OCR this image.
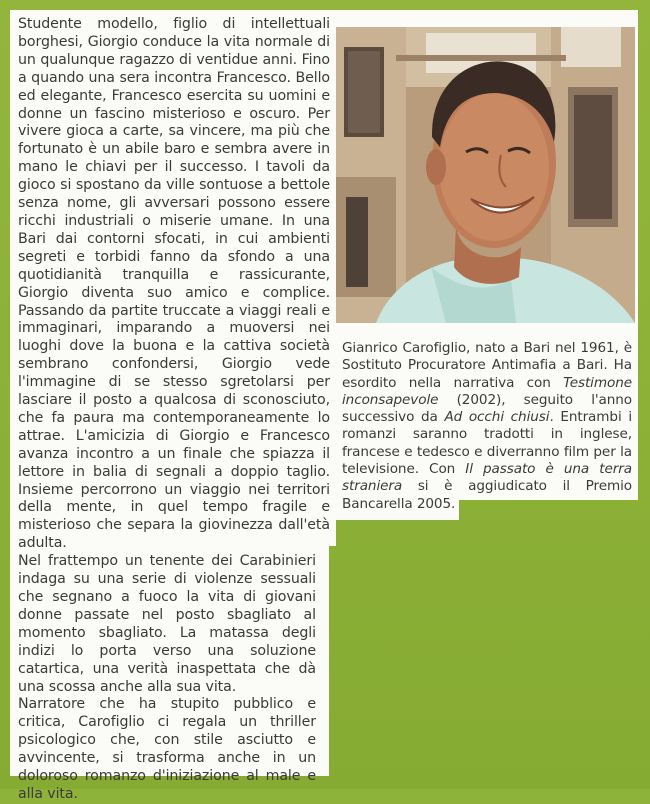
Studente modello, figlio di intellettuali borghesi, Giorgio conduce la vita normale di un qualunque ragazzo di ventidue anni. Fino a quando una sera incontra Francesco. Bello ed elegante, Francesco esercita su uomini e donne un fascino misterioso e oscuro. Per vivere gioca a carte, sa vincere, ma più che fortunato è un abile baro e sembra avere in mano le chiavi per il successo. I tavoli da gioco si spostano da ville sontuose a bettole senza nome, gli avversari possono essere ricchi industriali o miserie umane. In una Bari dai contorni sfocati, in cui ambienti segreti e torbidi fanno da sfondo a una quotidianità tranquilla e rassicurante, Giorgio diventa suo amico e complice. Passando da partite truccate a viaggi reali e immaginari, imparando a muoversi nei luoghi dove la buona e la cattiva società sembrano confondersi, Giorgio vede l'immagine di se stesso sgretolarsi per lasciare il posto a qualcosa di sconosciuto, che fa paura ma contemporaneamente lo attrae. L'amicizia di Giorgio e Francesco avanza incontro a un finale che spiazza il lettore in balia di segnali a doppio taglio. Insieme percorrono un viaggio nei territori della mente, in quel tempo fragile e misterioso che separa la giovinezza dall'età adulta.

Nel frattempo un tenente dei Carabinieri indaga su una serie di violenze sessuali che segnano a fuoco la vita di giovani donne passate nel posto sbagliato al momento sbagliato. La matassa degli indizi lo porta verso una soluzione catartica, una verità inaspettata che dà una scossa anche alla sua vita.

Narratore che ha stupito pubblico e critica, Carofiglio ci regala un thriller psicologico che, con stile asciutto e avvincente, si trasforma anche in un doloroso romanzo d'iniziazione al male e alla vita.

Gianrico Carofiglio, nato a Bari nel 1961, è Sostituto Procuratore Antimafia a Bari. Ha esordito nella narrativa con Testimone inconsapevole (2002), seguito l'anno successivo da Ad occhi chiusi. Entrambi i romanzi saranno tradotti in inglese, francese e tedesco e diverranno film per la televisione. Con Il passato è una terra straniera si è aggiudicato il Premio Bancarella 2005.
